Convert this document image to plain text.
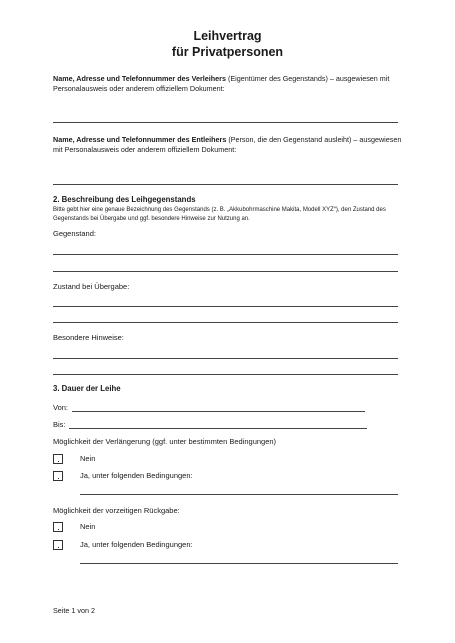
Leihvertrag
für Privatpersonen
Name, Adresse und Telefonnummer des Verleihers (Eigentümer des Gegenstands) – ausgewiesen mit Personalausweis oder anderem offiziellem Dokument:
Name, Adresse und Telefonnummer des Entleihers (Person, die den Gegenstand ausleiht) – ausgewiesen mit Personalausweis oder anderem offiziellem Dokument:
2. Beschreibung des Leihgegenstands
Bitte gebt hier eine genaue Bezeichnung des Gegenstands (z. B. „Akkubohrmaschine Makita, Modell XYZ“), den Zustand des Gegenstands bei Übergabe und ggf. besondere Hinweise zur Nutzung an.
Gegenstand:
Zustand bei Übergabe:
Besondere Hinweise:
3. Dauer der Leihe
Von:
Bis:
Möglichkeit der Verlängerung (ggf. unter bestimmten Bedingungen)
Nein
Ja, unter folgenden Bedingungen:
Möglichkeit der vorzeitigen Rückgabe:
Nein
Ja, unter folgenden Bedingungen:
Seite 1 von 2
